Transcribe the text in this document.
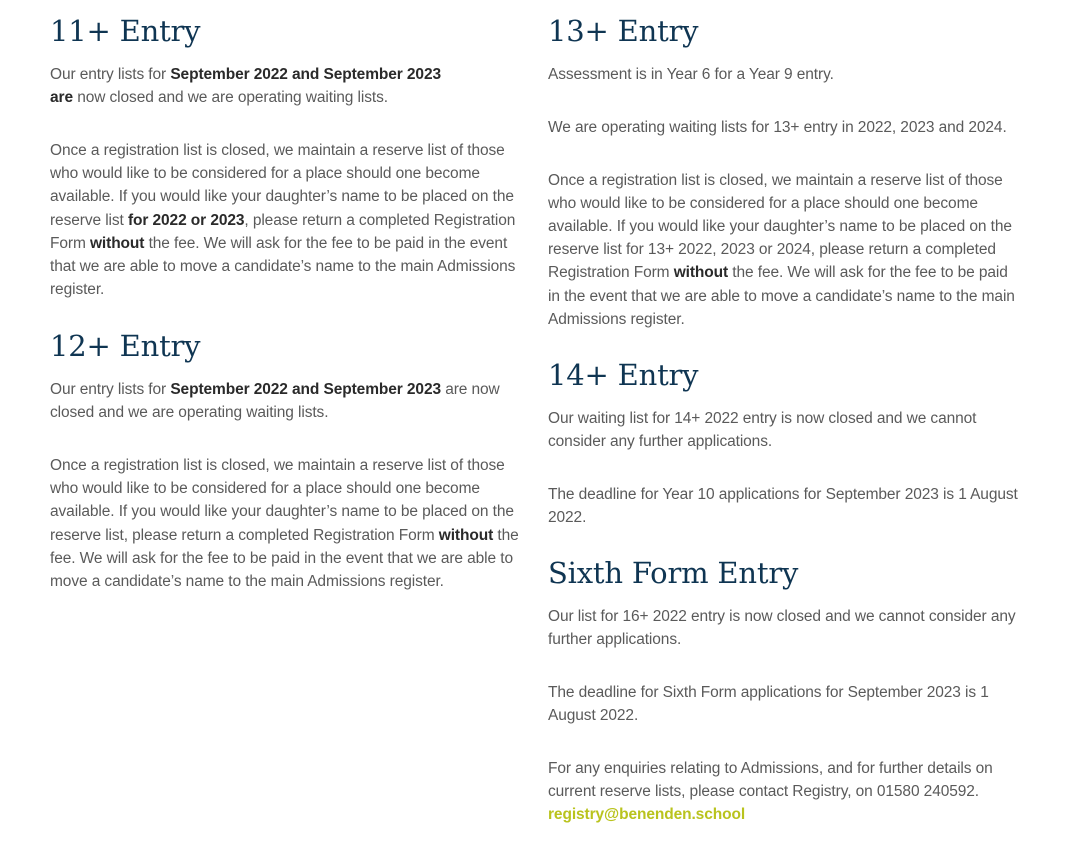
11+ Entry

Our entry lists for September 2022 and September 2023
are now closed and we are operating waiting lists.

Once a registration list is closed, we maintain a reserve list of those who would like to be considered for a place should one become available. If you would like your daughter’s name to be placed on the reserve list for 2022 or 2023, please return a completed Registration Form without the fee. We will ask for the fee to be paid in the event that we are able to move a candidate’s name to the main Admissions register.

12+ Entry

Our entry lists for September 2022 and September 2023 are now closed and we are operating waiting lists.

Once a registration list is closed, we maintain a reserve list of those who would like to be considered for a place should one become available. If you would like your daughter’s name to be placed on the reserve list, please return a completed Registration Form without the fee. We will ask for the fee to be paid in the event that we are able to move a candidate’s name to the main Admissions register.

13+ Entry

Assessment is in Year 6 for a Year 9 entry.

We are operating waiting lists for 13+ entry in 2022, 2023 and 2024.

Once a registration list is closed, we maintain a reserve list of those who would like to be considered for a place should one become available. If you would like your daughter’s name to be placed on the reserve list for 13+ 2022, 2023 or 2024, please return a completed Registration Form without the fee. We will ask for the fee to be paid in the event that we are able to move a candidate’s name to the main Admissions register.

14+ Entry

Our waiting list for 14+ 2022 entry is now closed and we cannot consider any further applications.

The deadline for Year 10 applications for September 2023 is 1 August 2022.

Sixth Form Entry

Our list for 16+ 2022 entry is now closed and we cannot consider any further applications.

The deadline for Sixth Form applications for September 2023 is 1 August 2022.

For any enquiries relating to Admissions, and for further details on current reserve lists, please contact Registry, on 01580 240592. registry@benenden.school
